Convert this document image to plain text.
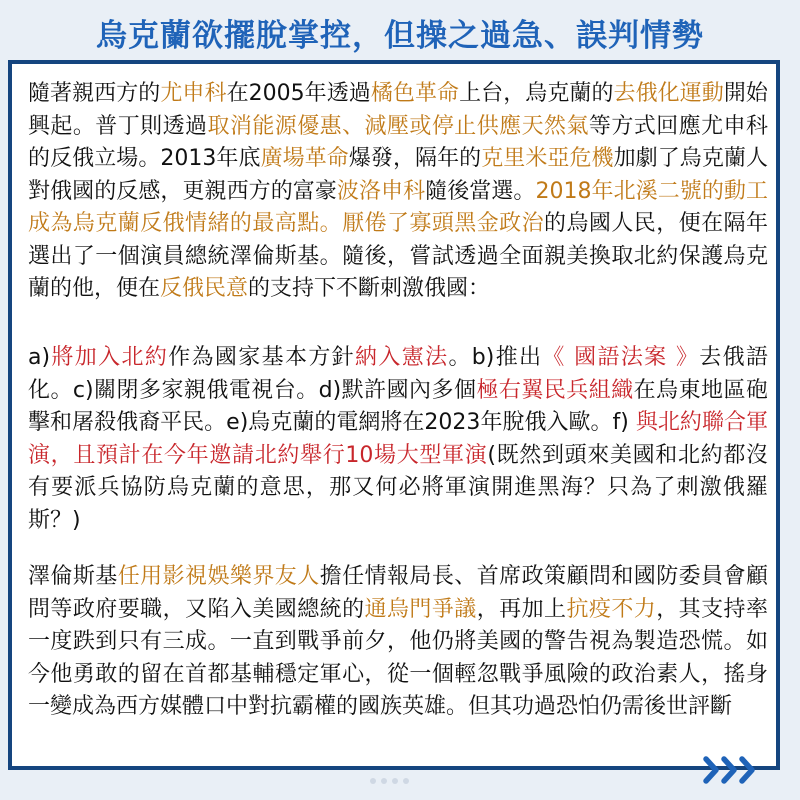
烏克蘭欲擺脫掌控，但操之過急、誤判情勢

隨著親西方的尤申科在2005年透過橘色革命上台，烏克蘭的去俄化運動開始興起。普丁則透過取消能源優惠、減壓或停止供應天然氣等方式回應尤申科的反俄立場。2013年底廣場革命爆發，隔年的克里米亞危機加劇了烏克蘭人對俄國的反感，更親西方的富豪波洛申科隨後當選。2018年北溪二號的動工成為烏克蘭反俄情緒的最高點。厭倦了寡頭黑金政治的烏國人民，便在隔年選出了一個演員總統澤倫斯基。隨後，嘗試透過全面親美換取北約保護烏克蘭的他，便在反俄民意的支持下不斷刺激俄國：

a)將加入北約作為國家基本方針納入憲法。b)推出《 國語法案 》去俄語化。c)關閉多家親俄電視台。d)默許國內多個極右翼民兵組織在烏東地區砲擊和屠殺俄裔平民。e)烏克蘭的電網將在2023年脫俄入歐。f) 與北約聯合軍演，且預計在今年邀請北約舉行10場大型軍演(既然到頭來美國和北約都沒有要派兵協防烏克蘭的意思，那又何必將軍演開進黑海？只為了刺激俄羅斯？)

澤倫斯基任用影視娛樂界友人擔任情報局長、首席政策顧問和國防委員會顧問等政府要職，又陷入美國總統的通烏門爭議，再加上抗疫不力，其支持率一度跌到只有三成。一直到戰爭前夕，他仍將美國的警告視為製造恐慌。如今他勇敢的留在首都基輔穩定軍心，從一個輕忽戰爭風險的政治素人，搖身一變成為西方媒體口中對抗霸權的國族英雄。但其功過恐怕仍需後世評斷
